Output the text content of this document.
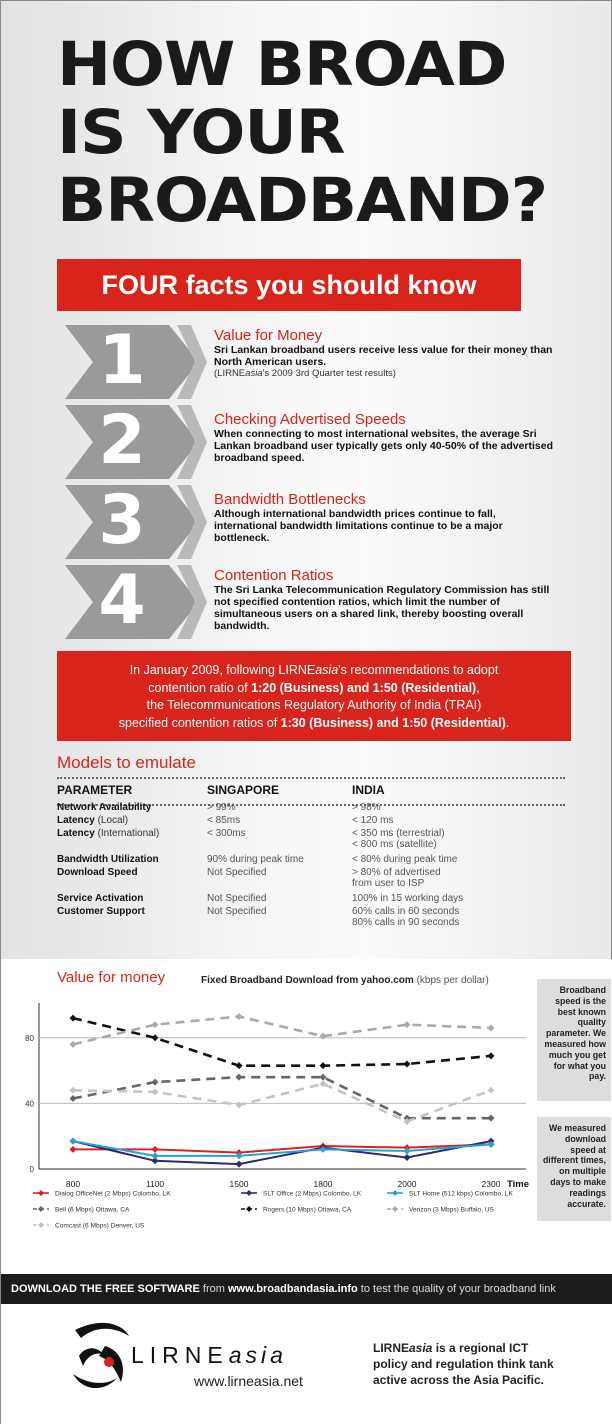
HOW BROAD
IS YOUR
BROADBAND?
FOUR facts you should know
1	Value for Money

Sri Lankan broadband users receive less value for their money than North American users.

(LIRNEasia's 2009 3rd Quarter test results)

2	Checking Advertised Speeds

When connecting to most international websites, the average Sri Lankan broadband user typically gets only 40-50% of the advertised broadband speed.

3	Bandwidth Bottlenecks

Although international bandwidth prices continue to fall, international bandwidth limitations continue to be a major bottleneck.

4	Contention Ratios

The Sri Lanka Telecommunication Regulatory Commission has still not specified contention ratios, which limit the number of simultaneous users on a shared link, thereby boosting overall bandwidth.

In January 2009, following LIRNEasia's recommendations to adopt
contention ratio of 1:20 (Business) and 1:50 (Residential),
the Telecommunications Regulatory Authority of India (TRAI)
specified contention ratios of 1:30 (Business) and 1:50 (Residential).
Models to emulate
PARAMETER	SINGAPORE	INDIA
Network Availability	> 99%	> 98%
Latency (Local)	< 85ms	< 120 ms
Latency (International)	< 300ms	< 350 ms (terrestrial)
< 800 ms (satellite)
Bandwidth Utilization	90% during peak time	< 80% during peak time
Download Speed	Not Specified	> 80% of advertised
from user to ISP
Service Activation	Not Specified	100% in 15 working days
Customer Support	Not Specified	60% calls in 60 seconds
80% calls in 90 seconds
Value for money	Fixed Broadband Download from yahoo.com (kbps per dollar)
0
40
80
800	1100	1500	1800	2000	2300 Time
Dialog OfficeNet (2 Mbps) Colombo, LK	SLT Office (2 Mbps) Colombo, LK	SLT Home (512 kbps) Colombo, LK
Bell (6 Mbps) Ottawa, CA	Rogers (10 Mbps) Ottawa, CA	Verizon (3 Mbps) Buffalo, US
Comcast (6 Mbps) Denver, US
Broadband speed is the best known quality parameter. We measured how much you get for what you pay.
We measured download speed at different times, on multiple days to make readings accurate.
DOWNLOAD THE FREE SOFTWARE from www.broadbandasia.info to test the quality of your broadband link
LIRNEasia
www.lirneasia.net
LIRNEasia is a regional ICT policy and regulation think tank active across the Asia Pacific.
